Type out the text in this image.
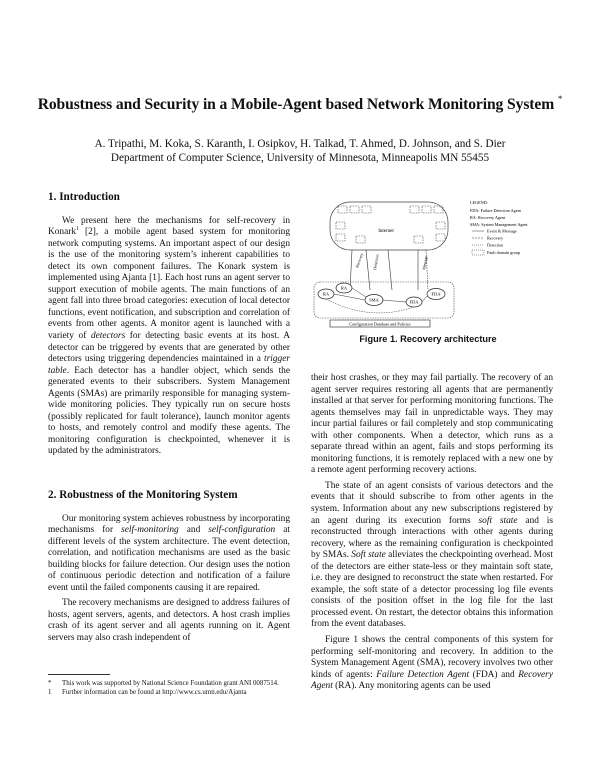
Robustness and Security in a Mobile-Agent based Network Monitoring System *
A. Tripathi, M. Koka, S. Karanth, I. Osipkov, H. Talkad, T. Ahmed, D. Johnson, and S. Dier
Department of Computer Science, University of Minnesota, Minneapolis MN 55455
1. Introduction

We present here the mechanisms for self-recovery in Konark$^1$ [2], a mobile agent based system for monitoring network computing systems. An important aspect of our design is the use of the monitoring system’s inherent capabilities to detect its own component failures. The Konark system is implemented using Ajanta [1]. Each host runs an agent server to support execution of mobile agents. The main functions of an agent fall into three broad categories: execution of local detector functions, event notification, and subscription and correlation of events from other agents. A monitor agent is launched with a variety of detectors for detecting basic events at its host. A detector can be triggered by events that are generated by other detectors using triggering dependencies maintained in a trigger table. Each detector has a handler object, which sends the generated events to their subscribers. System Management Agents (SMAs) are primarily responsible for managing system-wide monitoring policies. They typically run on secure hosts (possibly replicated for fault tolerance), launch monitor agents to hosts, and remotely control and modify these agents. The monitoring configuration is checkpointed, whenever it is updated by the administrators.

2. Robustness of the Monitoring System

Our monitoring system achieves robustness by incorporating mechanisms for self-monitoring and self-configuration at different levels of the system architecture. The event detection, correlation, and notification mechanisms are used as the basic building blocks for failure detection. Our design uses the notion of continuous periodic detection and notification of a failure event until the failed components causing it are repaired.

The recovery mechanisms are designed to address failures of hosts, agent servers, agents, and detectors. A host crash implies crash of its agent server and all agents running on it. Agent servers may also crash independent of

*	This work was supported by National Science Foundation grant ANI 0087514.
1	Further information can be found at http://www.cs.umn.edu/Ajanta
Internet
LEGEND:
FDA: Failure Detection Agent
RA: Recovery Agent
SMA: System Management Agent
Event & Message
Recovery
Detection
Fault domain group
Recovery Detection	Message
RA
RA
SMA	FDA
FDA
Configuration Database and Policies
Figure 1. Recovery architecture

their host crashes, or they may fail partially. The recovery of an agent server requires restoring all agents that are permanently installed at that server for performing monitoring functions. The agents themselves may fail in unpredictable ways. They may incur partial failures or fail completely and stop communicating with other components. When a detector, which runs as a separate thread within an agent, fails and stops performing its monitoring functions, it is remotely replaced with a new one by a remote agent performing recovery actions.

The state of an agent consists of various detectors and the events that it should subscribe to from other agents in the system. Information about any new subscriptions registered by an agent during its execution forms soft state and is reconstructed through interactions with other agents during recovery, where as the remaining configuration is checkpointed by SMAs. Soft state alleviates the checkpointing overhead. Most of the detectors are either state-less or they maintain soft state, i.e. they are designed to reconstruct the state when restarted. For example, the soft state of a detector processing log file events consists of the position offset in the log file for the last processed event. On restart, the detector obtains this information from the event databases.

Figure 1 shows the central components of this system for performing self-monitoring and recovery. In addition to the System Management Agent (SMA), recovery involves two other kinds of agents: Failure Detection Agent (FDA) and Recovery Agent (RA). Any monitoring agents can be used
